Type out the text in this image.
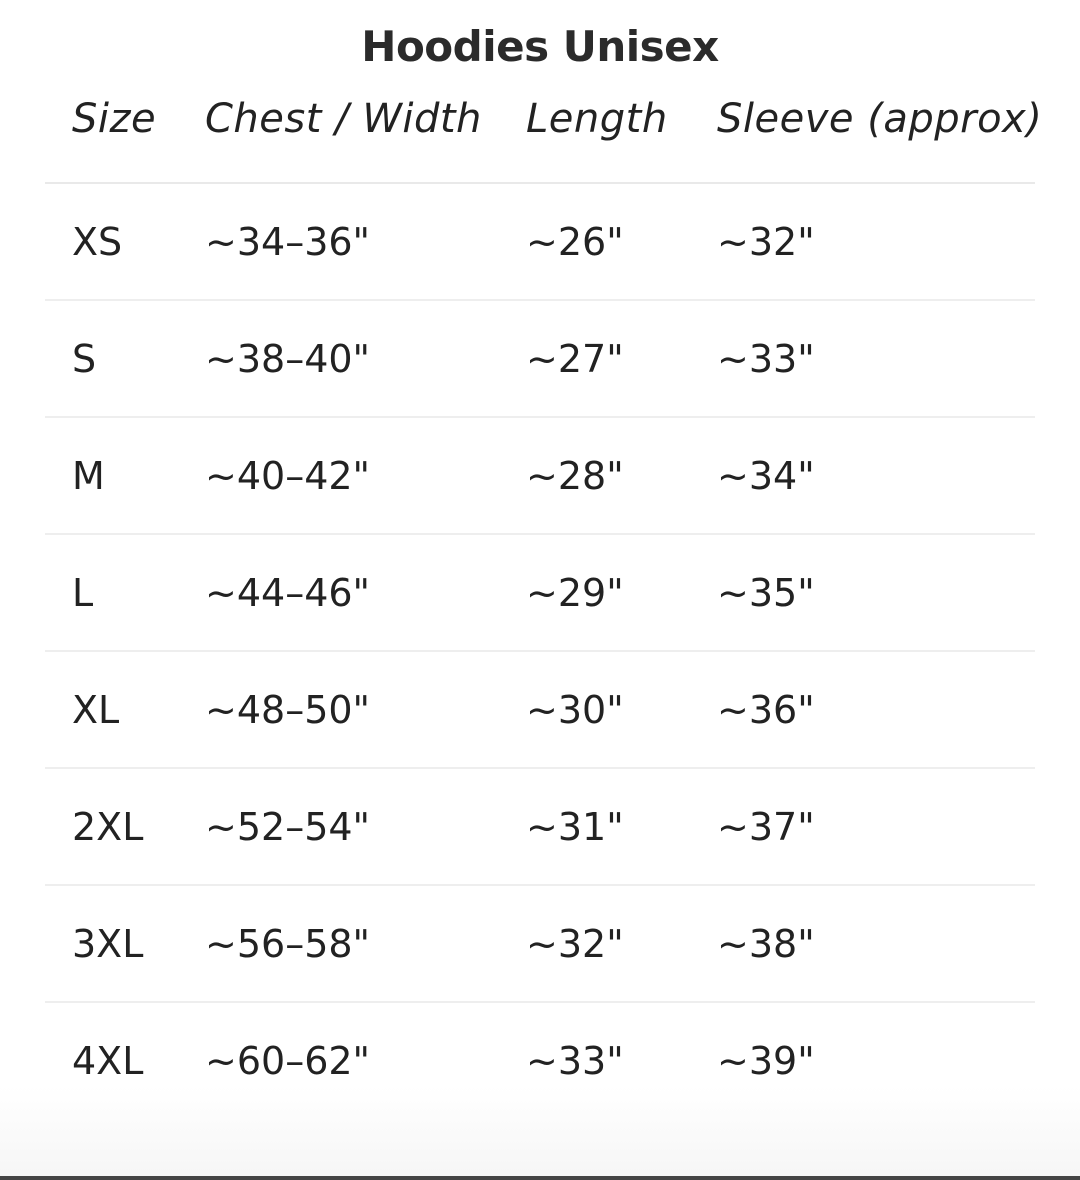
Hoodies Unisex
Size Chest / Width Length Sleeve (approx)
XS ~34–36"	~26" ~32"
S	~38–40"	~27" ~33"
M	~40–42"	~28" ~34"
L	~44–46"	~29" ~35"
XL ~48–50"	~30" ~36"
2XL ~52–54"	~31" ~37"
3XL ~56–58"	~32" ~38"
4XL ~60–62"	~33" ~39"
